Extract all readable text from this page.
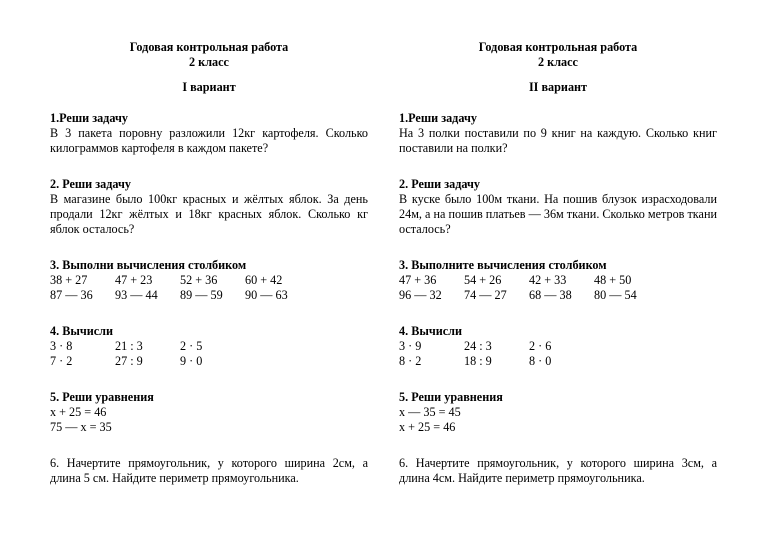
Годовая контрольная работа
2 класс
I вариант
1.Реши задачу
В 3 пакета поровну разложили 12кг картофеля. Сколько килограммов картофеля в каждом пакете?
2. Реши задачу
В магазине было 100кг красных и жёлтых яблок. За день продали 12кг жёлтых и 18кг красных яблок. Сколько кг яблок осталось?
3. Выполни вычисления столбиком
38 + 27	47 + 23	52 + 36	60 + 42
87 — 36	93 — 44	89 — 59	90 — 63
4. Вычисли
3 · 8	21 : 3	2 · 5
7 · 2	27 : 9	9 · 0
5. Реши уравнения
x + 25 = 46
75 — x = 35
6. Начертите прямоугольник, у которого ширина 2см, а длина 5 см. Найдите периметр прямоугольника.
Годовая контрольная работа
2 класс
II вариант
1.Реши задачу
На 3 полки поставили по 9 книг на каждую. Сколько книг поставили на полки?
2. Реши задачу
В куске было 100м ткани. На пошив блузок израсходовали 24м, а на пошив платьев — 36м ткани. Сколько метров ткани осталось?
3. Выполните вычисления столбиком
47 + 36	54 + 26	42 + 33	48 + 50
96 — 32	74 — 27	68 — 38	80 — 54
4. Вычисли
3 · 9	24 : 3	2 · 6
8 · 2	18 : 9	8 · 0
5. Реши уравнения
x — 35 = 45
x + 25 = 46
6. Начертите прямоугольник, у которого ширина 3см, а длина 4см. Найдите периметр прямоугольника.
